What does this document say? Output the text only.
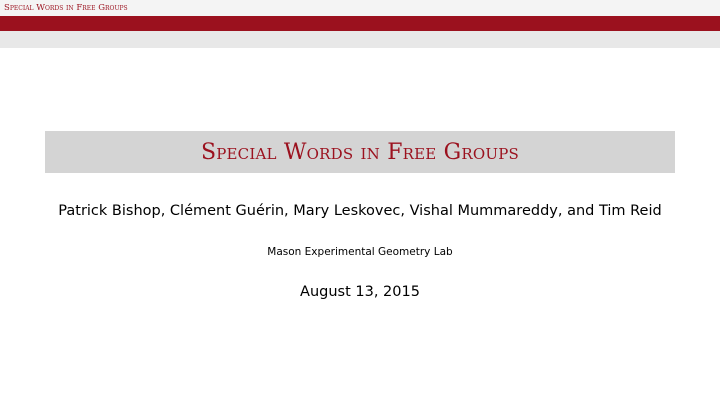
Special Words in Free Groups
Special Words in Free Groups
Patrick Bishop, Clément Guérin, Mary Leskovec, Vishal Mummareddy, and Tim Reid
Mason Experimental Geometry Lab
August 13, 2015
